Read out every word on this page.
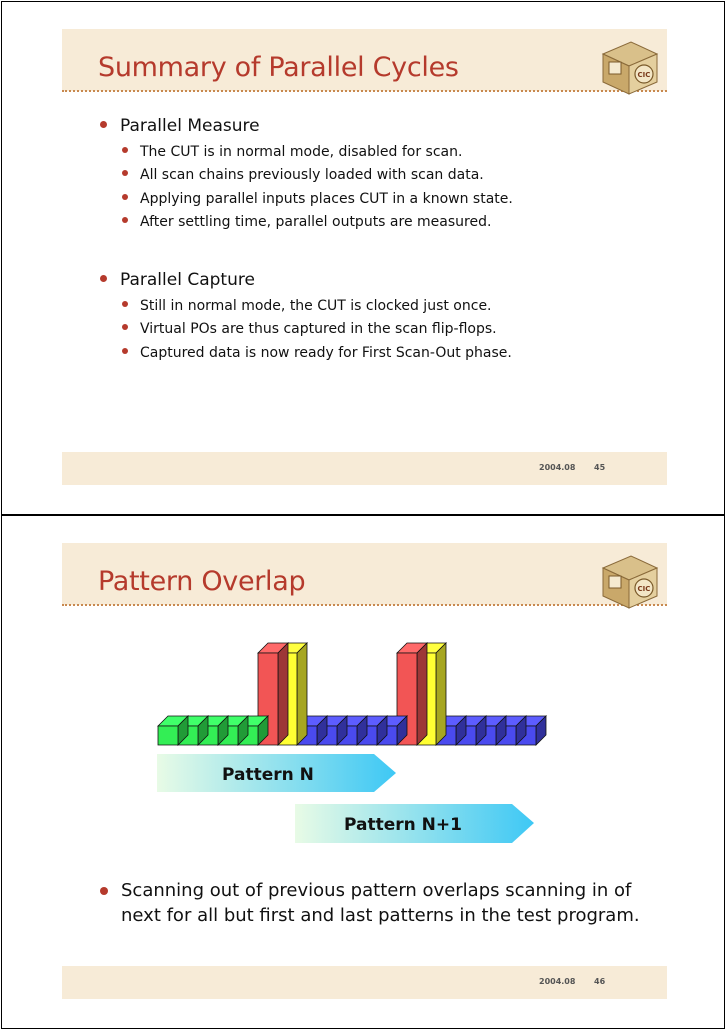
Summary of Parallel Cycles	CIC
Parallel Measure
The CUT is in normal mode, disabled for scan.
All scan chains previously loaded with scan data.
Applying parallel inputs places CUT in a known state.
After settling time, parallel outputs are measured.
Parallel Capture
Still in normal mode, the CUT is clocked just once.
Virtual POs are thus captured in the scan flip-flops.
Captured data is now ready for First Scan-Out phase.
2004.08 45
Pattern Overlap	CIC
Pattern N
Pattern N+1
Scanning out of previous pattern overlaps scanning in of
next for all but first and last patterns in the test program.
2004.08 46
